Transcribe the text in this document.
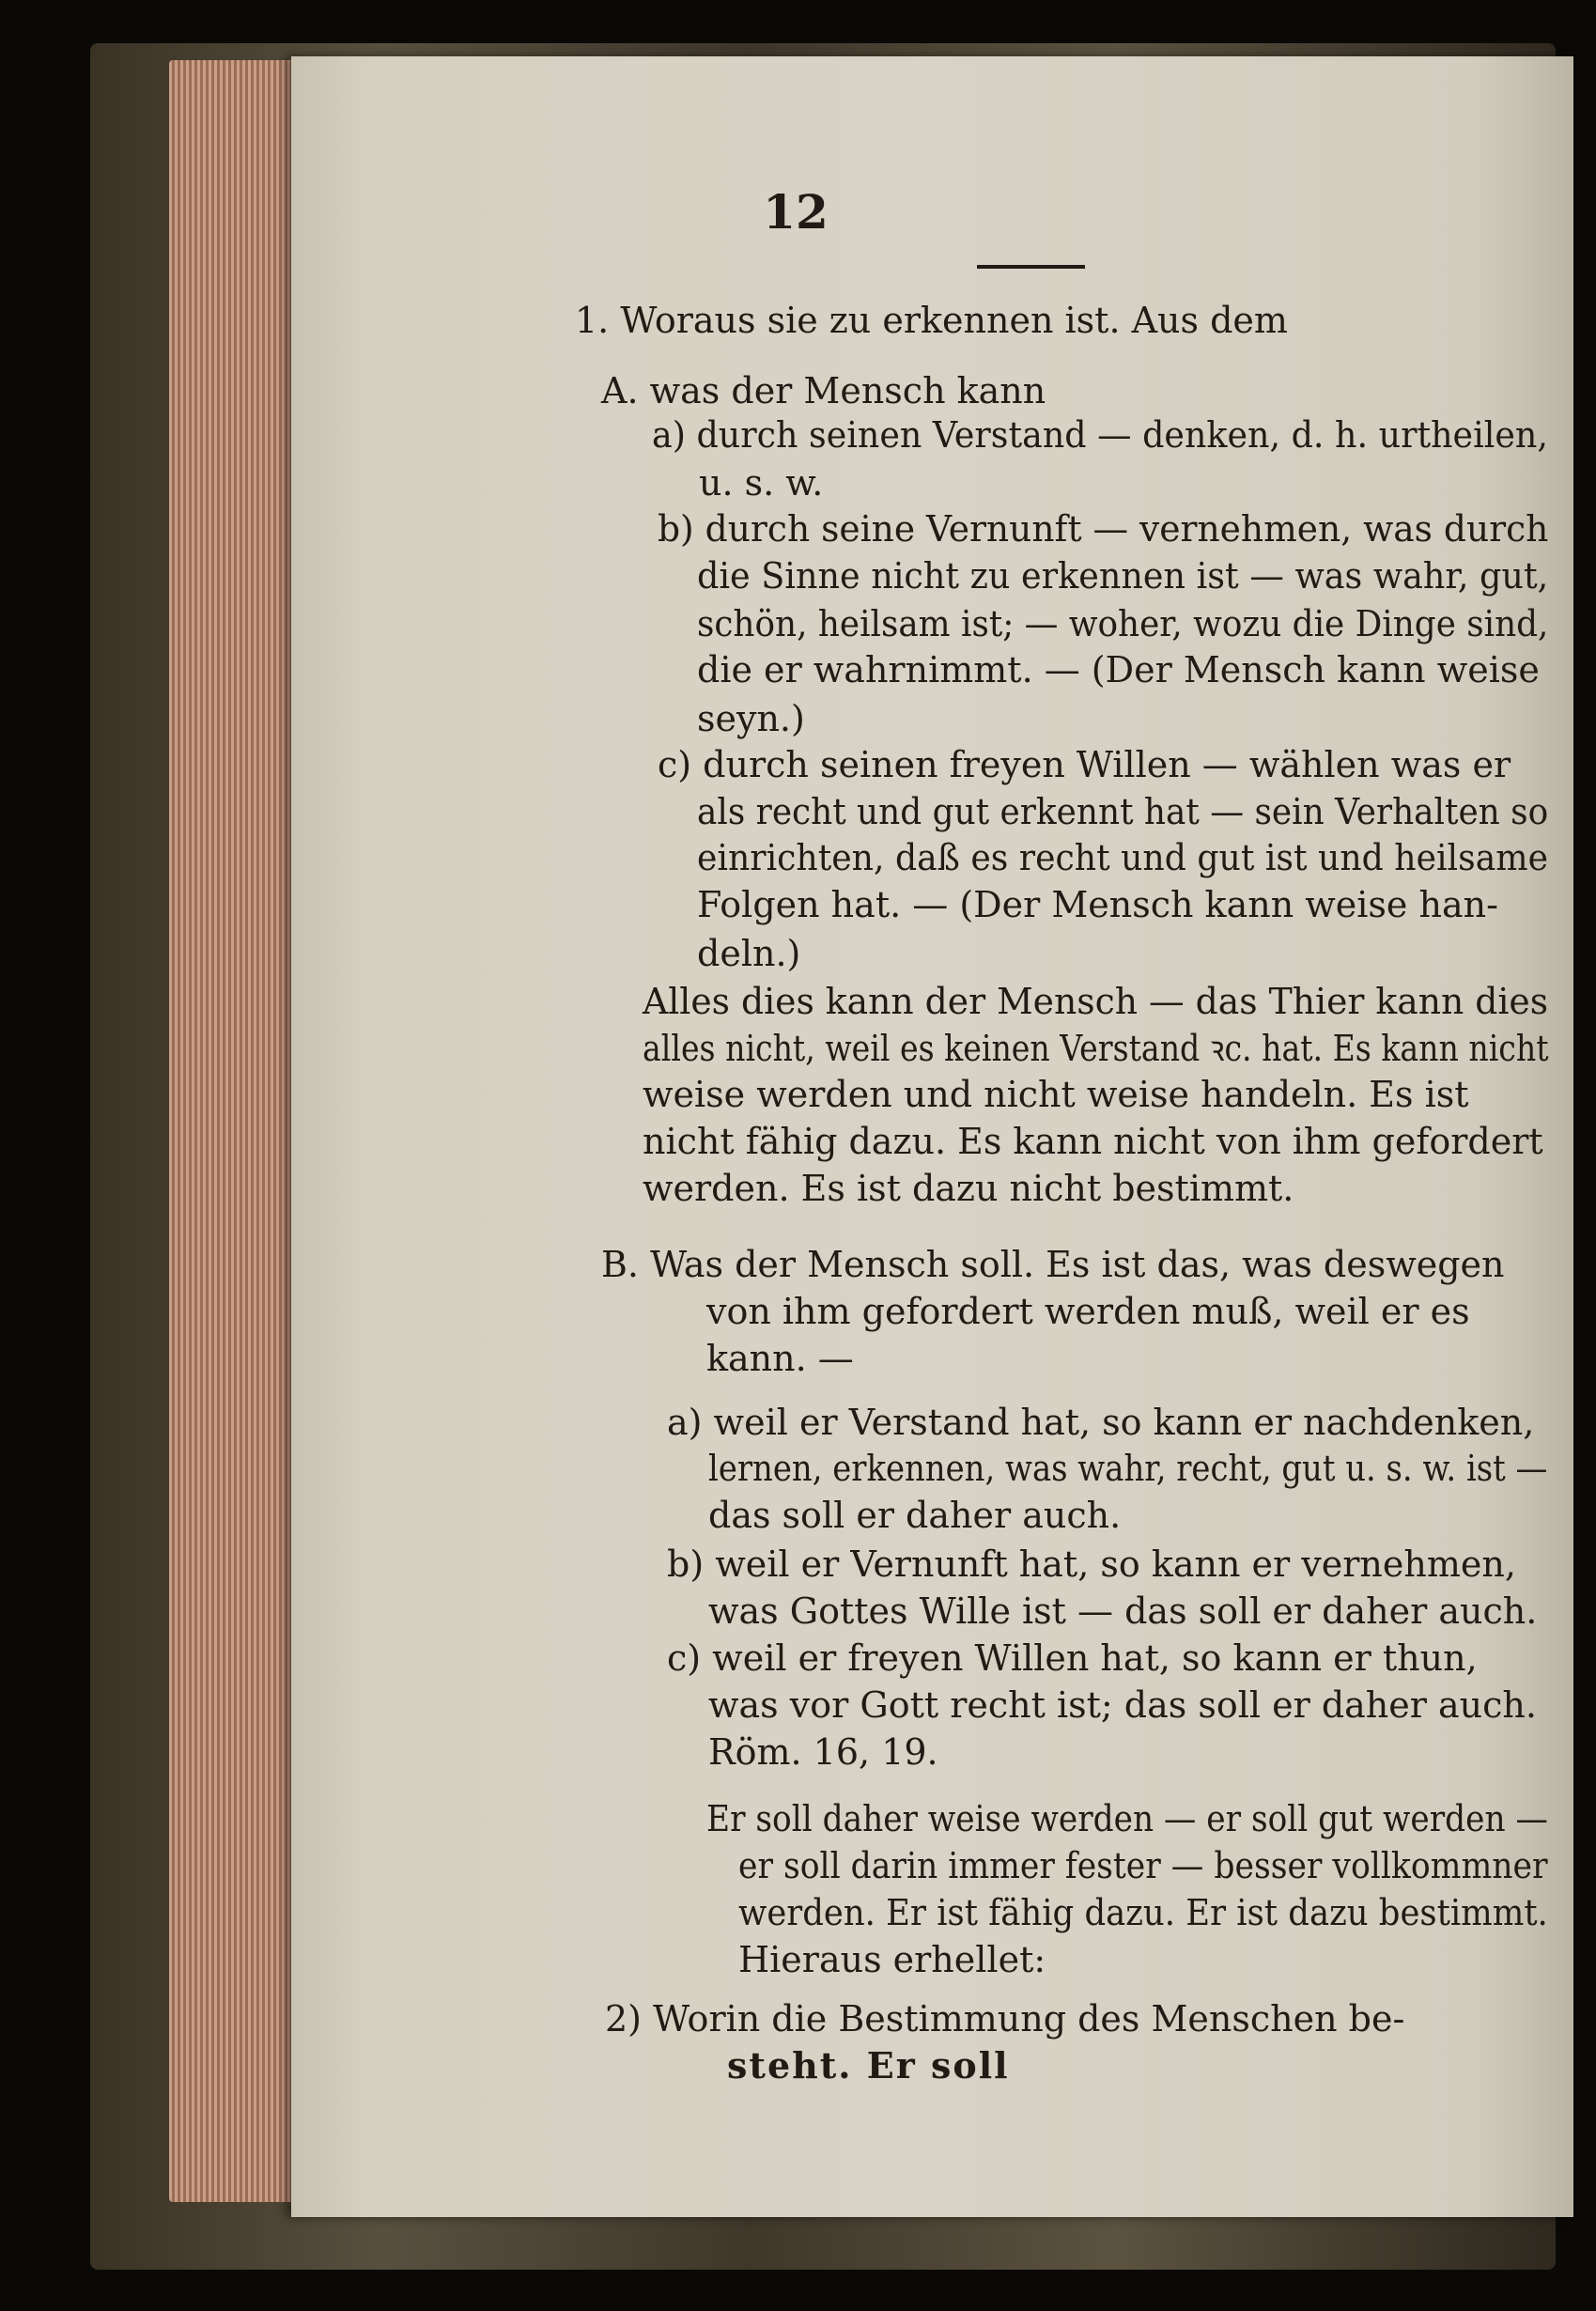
12
1. Woraus sie zu erkennen ist. Aus dem
A. was der Mensch kann
a) durch seinen Verstand — denken, d. h. urtheilen,
u. s. w.
b) durch seine Vernunft — vernehmen, was durch
die Sinne nicht zu erkennen ist — was wahr, gut,
schön, heilsam ist; — woher, wozu die Dinge sind,
die er wahrnimmt. — (Der Mensch kann weise
seyn.)
c) durch seinen freyen Willen — wählen was er
als recht und gut erkennt hat — sein Verhalten so
einrichten, daß es recht und gut ist und heilsame
Folgen hat. — (Der Mensch kann weise han-
deln.)
Alles dies kann der Mensch — das Thier kann dies
alles nicht, weil es keinen Verstand ꝛc. hat. Es kann nicht
weise werden und nicht weise handeln. Es ist
nicht fähig dazu. Es kann nicht von ihm gefordert
werden. Es ist dazu nicht bestimmt.
B. Was der Mensch soll. Es ist das, was deswegen
von ihm gefordert werden muß, weil er es
kann. —
a) weil er Verstand hat, so kann er nachdenken,
lernen, erkennen, was wahr, recht, gut u. s. w. ist —
das soll er daher auch.
b) weil er Vernunft hat, so kann er vernehmen,
was Gottes Wille ist — das soll er daher auch.
c) weil er freyen Willen hat, so kann er thun,
was vor Gott recht ist; das soll er daher auch.
Röm. 16, 19.
Er soll daher weise werden — er soll gut werden —
er soll darin immer fester — besser vollkommner
werden. Er ist fähig dazu. Er ist dazu bestimmt.
Hieraus erhellet:
2) Worin die Bestimmung des Menschen be-
steht. Er soll
